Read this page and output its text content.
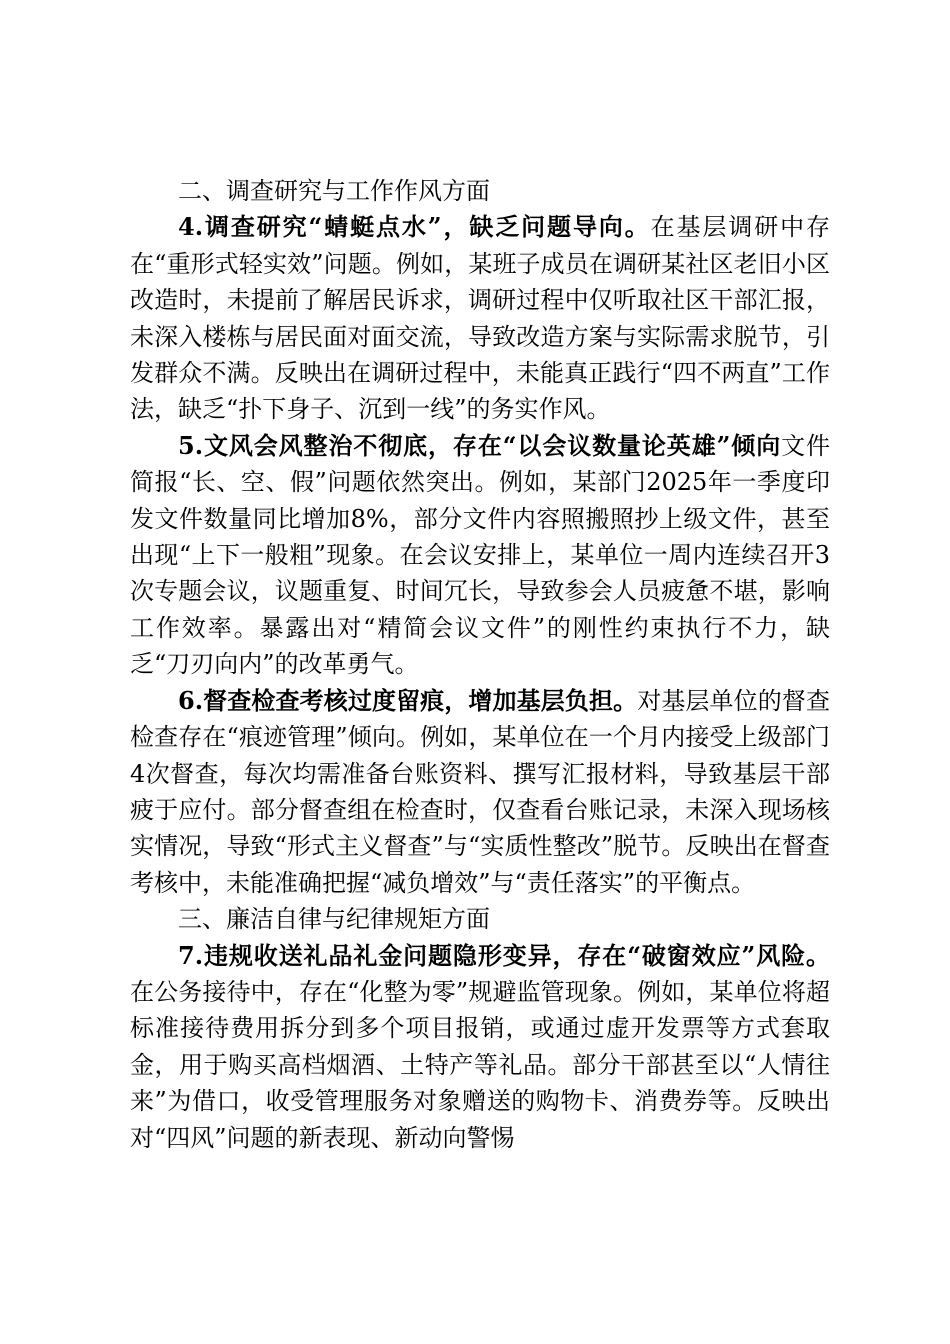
二、调查研究与工作作风方面

4.调查研究“蜻蜓点水”，缺乏问题导向。在基层调研中存在“重形式轻实效”问题。例如，某班子成员在调研某社区老旧小区改造时，未提前了解居民诉求，调研过程中仅听取社区干部汇报，未深入楼栋与居民面对面交流，导致改造方案与实际需求脱节，引发群众不满。反映出在调研过程中，未能真正践行“四不两直”工作法，缺乏“扑下身子、沉到一线”的务实作风。

5.文风会风整治不彻底，存在“以会议数量论英雄”倾向文件简报“长、空、假”问题依然突出。例如，某部门2025年一季度印发文件数量同比增加8%，部分文件内容照搬照抄上级文件，甚至出现“上下一般粗”现象。在会议安排上，某单位一周内连续召开3次专题会议，议题重复、时间冗长，导致参会人员疲惫不堪，影响工作效率。暴露出对“精简会议文件”的刚性约束执行不力，缺乏“刀刃向内”的改革勇气。

6.督查检查考核过度留痕，增加基层负担。对基层单位的督查检查存在“痕迹管理”倾向。例如，某单位在一个月内接受上级部门4次督查，每次均需准备台账资料、撰写汇报材料，导致基层干部疲于应付。部分督查组在检查时，仅查看台账记录，未深入现场核实情况，导致“形式主义督查”与“实质性整改”脱节。反映出在督查考核中，未能准确把握“减负增效”与“责任落实”的平衡点。

三、廉洁自律与纪律规矩方面

7.违规收送礼品礼金问题隐形变异，存在“破窗效应”风险。在公务接待中，存在“化整为零”规避监管现象。例如，某单位将超标准接待费用拆分到多个项目报销，或通过虚开发票等方式套取金，用于购买高档烟酒、土特产等礼品。部分干部甚至以“人情往来”为借口，收受管理服务对象赠送的购物卡、消费券等。反映出对“四风”问题的新表现、新动向警惕
